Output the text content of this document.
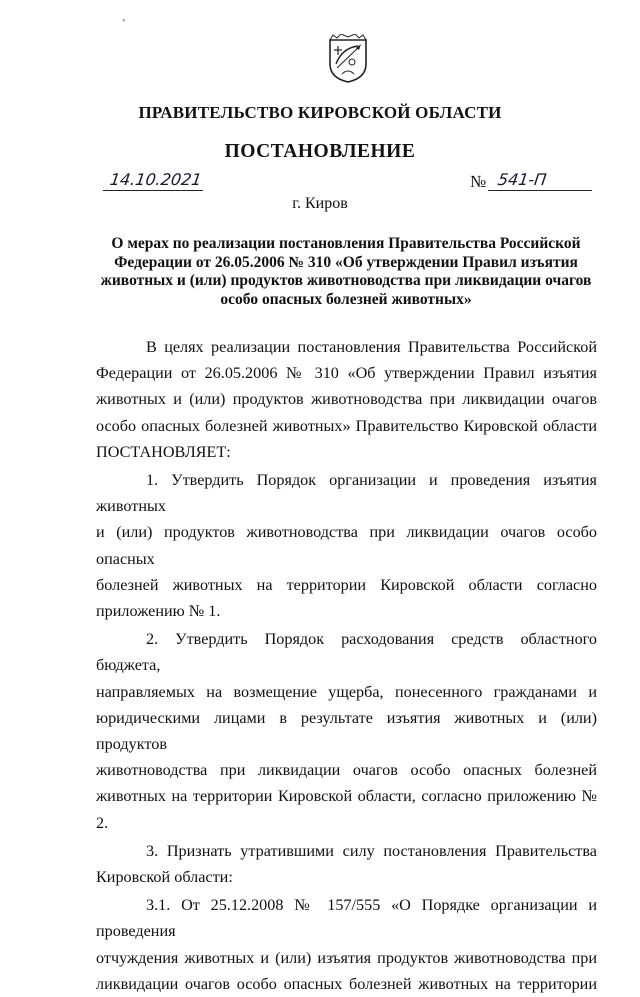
ПРАВИТЕЛЬСТВО КИРОВСКОЙ ОБЛАСТИ
ПОСТАНОВЛЕНИЕ
14.10.2021	№ 541-П
г. Киров
О мерах по реализации постановления Правительства Российской
Федерации от 26.05.2006 № 310 «Об утверждении Правил изъятия
животных и (или) продуктов животноводства при ликвидации очагов
особо опасных болезней животных»
В целях реализации постановления Правительства Российской
Федерации от 26.05.2006 № 310 «Об утверждении Правил изъятия
животных и (или) продуктов животноводства при ликвидации очагов
особо опасных болезней животных» Правительство Кировской области
ПОСТАНОВЛЯЕТ:
1. Утвердить Порядок организации и проведения изъятия животных
и (или) продуктов животноводства при ликвидации очагов особо опасных
болезней животных на территории Кировской области согласно
приложению № 1.
2. Утвердить Порядок расходования средств областного бюджета,
направляемых на возмещение ущерба, понесенного гражданами и
юридическими лицами в результате изъятия животных и (или) продуктов
животноводства при ликвидации очагов особо опасных болезней
животных на территории Кировской области, согласно приложению № 2.
3. Признать утратившими силу постановления Правительства
Кировской области:
3.1. От 25.12.2008 № 157/555 «О Порядке организации и проведения
отчуждения животных и (или) изъятия продуктов животноводства при
ликвидации очагов особо опасных болезней животных на территории
•
